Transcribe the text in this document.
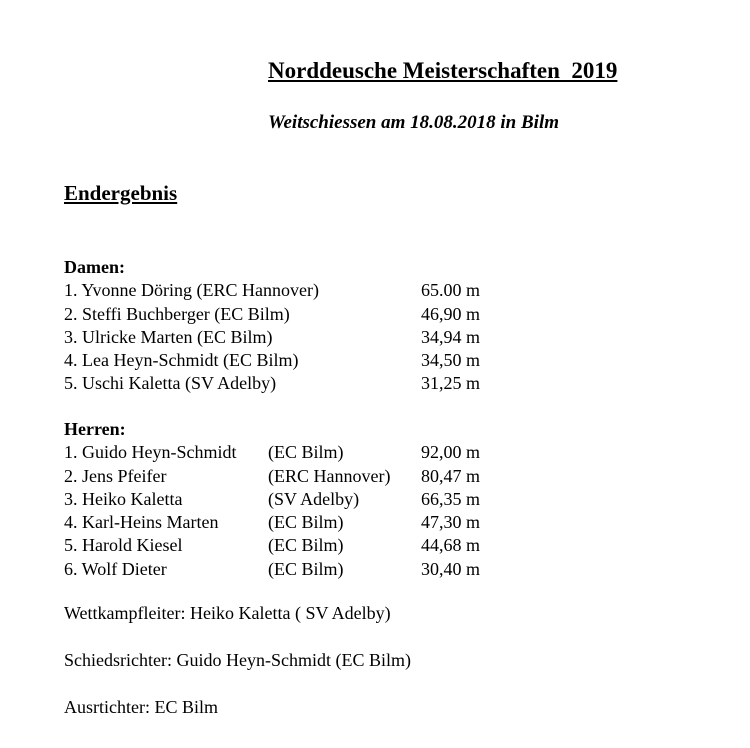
Norddeusche Meisterschaften  2019
Weitschiessen am 18.08.2018 in Bilm
Endergebnis
Damen:
1. Yvonne Döring (ERC Hannover)	65.00 m
2. Steffi Buchberger (EC Bilm)	46,90 m
3. Ulricke Marten (EC Bilm)	34,94 m
4. Lea Heyn-Schmidt (EC Bilm)	34,50 m
5. Uschi Kaletta (SV Adelby)	31,25 m
Herren:
1. Guido Heyn-Schmidt (EC Bilm)	92,00 m
2. Jens Pfeifer	(ERC Hannover) 80,47 m
3. Heiko Kaletta	(SV Adelby)	66,35 m
4. Karl-Heins Marten	(EC Bilm)	47,30 m
5. Harold Kiesel	(EC Bilm)	44,68 m
6. Wolf Dieter	(EC Bilm)	30,40 m
Wettkampfleiter: Heiko Kaletta ( SV Adelby)
Schiedsrichter: Guido Heyn-Schmidt (EC Bilm)
Ausrtichter: EC Bilm
